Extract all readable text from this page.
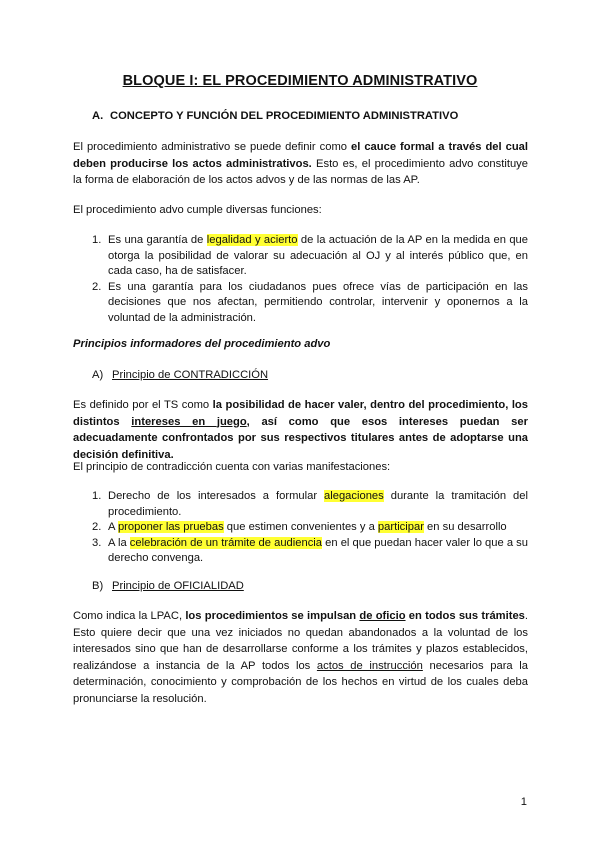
BLOQUE I: EL PROCEDIMIENTO ADMINISTRATIVO
A. CONCEPTO Y FUNCIÓN DEL PROCEDIMIENTO ADMINISTRATIVO

El procedimiento administrativo se puede definir como el cauce formal a través del cual deben producirse los actos administrativos. Esto es, el procedimiento advo constituye la forma de elaboración de los actos advos y de las normas de las AP.

El procedimiento advo cumple diversas funciones:

1. Es una garantía de legalidad y acierto de la actuación de la AP en la medida en que otorga la posibilidad de valorar su adecuación al OJ y al interés público que, en cada caso, ha de satisfacer.
2. Es una garantía para los ciudadanos pues ofrece vías de participación en las decisiones que nos afectan, permitiendo controlar, intervenir y oponernos a la voluntad de la administración.
Principios informadores del procedimiento advo
A) Principio de CONTRADICCIÓN

Es definido por el TS como la posibilidad de hacer valer, dentro del procedimiento, los distintos intereses en juego, así como que esos intereses puedan ser adecuadamente confrontados por sus respectivos titulares antes de adoptarse una decisión definitiva.

El principio de contradicción cuenta con varias manifestaciones:

1. Derecho de los interesados a formular alegaciones durante la tramitación del procedimiento.
2. A proponer las pruebas que estimen convenientes y a participar en su desarrollo
3. A la celebración de un trámite de audiencia en el que puedan hacer valer lo que a su derecho convenga.
B) Principio de OFICIALIDAD

Como indica la LPAC, los procedimientos se impulsan de oficio en todos sus trámites. Esto quiere decir que una vez iniciados no quedan abandonados a la voluntad de los interesados sino que han de desarrollarse conforme a los trámites y plazos establecidos, realizándose a instancia de la AP todos los actos de instrucción necesarios para la determinación, conocimiento y comprobación de los hechos en virtud de los cuales deba pronunciarse la resolución.

1
